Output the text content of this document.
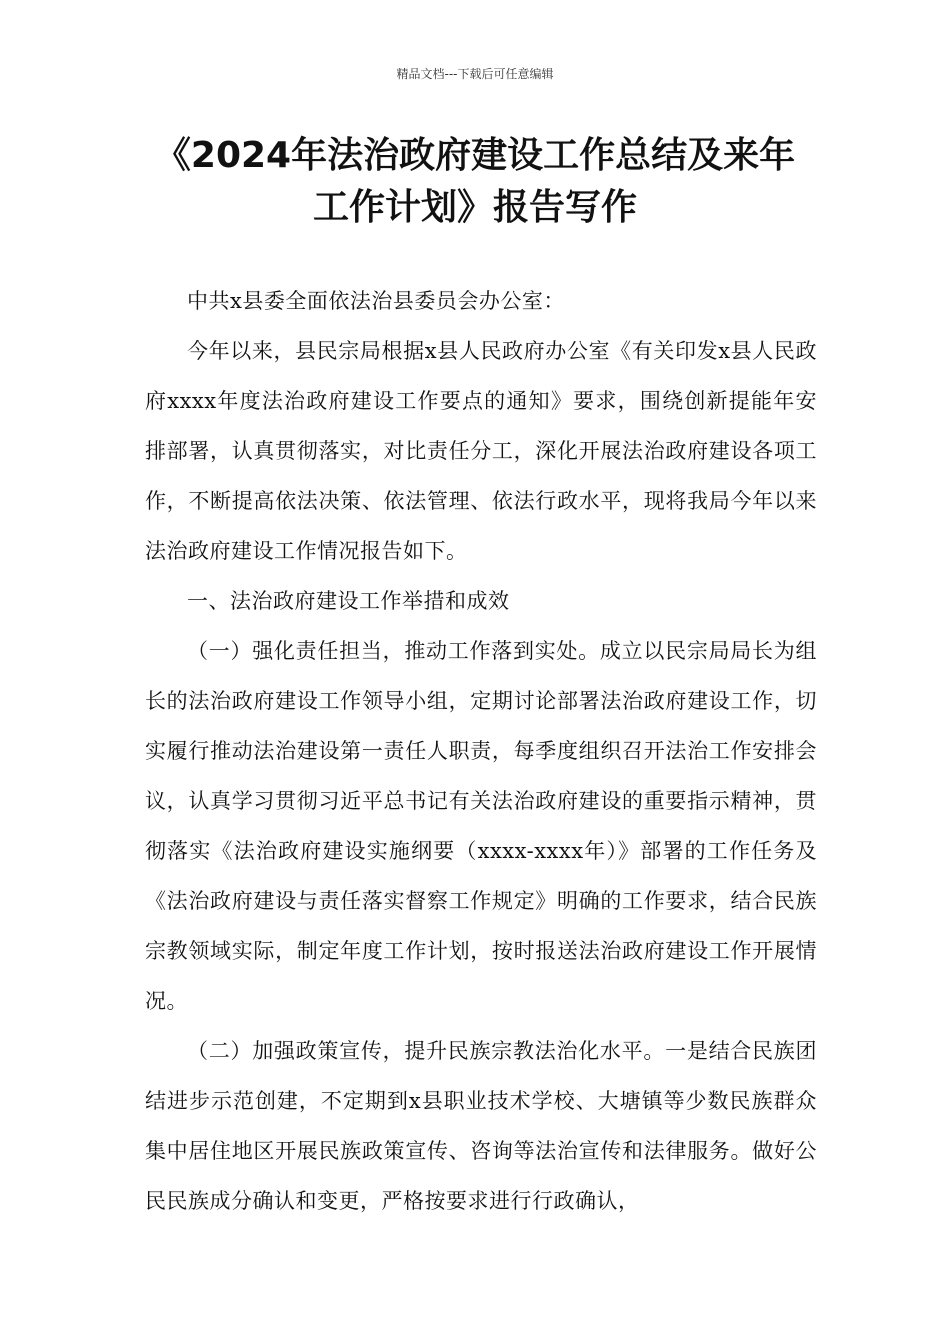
精品文档---下载后可任意编辑
《2024年法治政府建设工作总结及来年
工作计划》报告写作

中共x县委全面依法治县委员会办公室：

今年以来，县民宗局根据x县人民政府办公室《有关印发x县人民政府xxxx年度法治政府建设工作要点的通知》要求，围绕创新提能年安排部署，认真贯彻落实，对比责任分工，深化开展法治政府建设各项工作，不断提高依法决策、依法管理、依法行政水平，现将我局今年以来法治政府建设工作情况报告如下。

一、法治政府建设工作举措和成效

（一）强化责任担当，推动工作落到实处。成立以民宗局局长为组长的法治政府建设工作领导小组，定期讨论部署法治政府建设工作，切实履行推动法治建设第一责任人职责，每季度组织召开法治工作安排会议，认真学习贯彻习近平总书记有关法治政府建设的重要指示精神，贯彻落实《法治政府建设实施纲要（xxxx-xxxx年）》部署的工作任务及《法治政府建设与责任落实督察工作规定》明确的工作要求，结合民族宗教领域实际，制定年度工作计划，按时报送法治政府建设工作开展情况。

（二）加强政策宣传，提升民族宗教法治化水平。一是结合民族团结进步示范创建，不定期到x县职业技术学校、大塘镇等少数民族群众集中居住地区开展民族政策宣传、咨询等法治宣传和法律服务。做好公民民族成分确认和变更，严格按要求进行行政确认，
